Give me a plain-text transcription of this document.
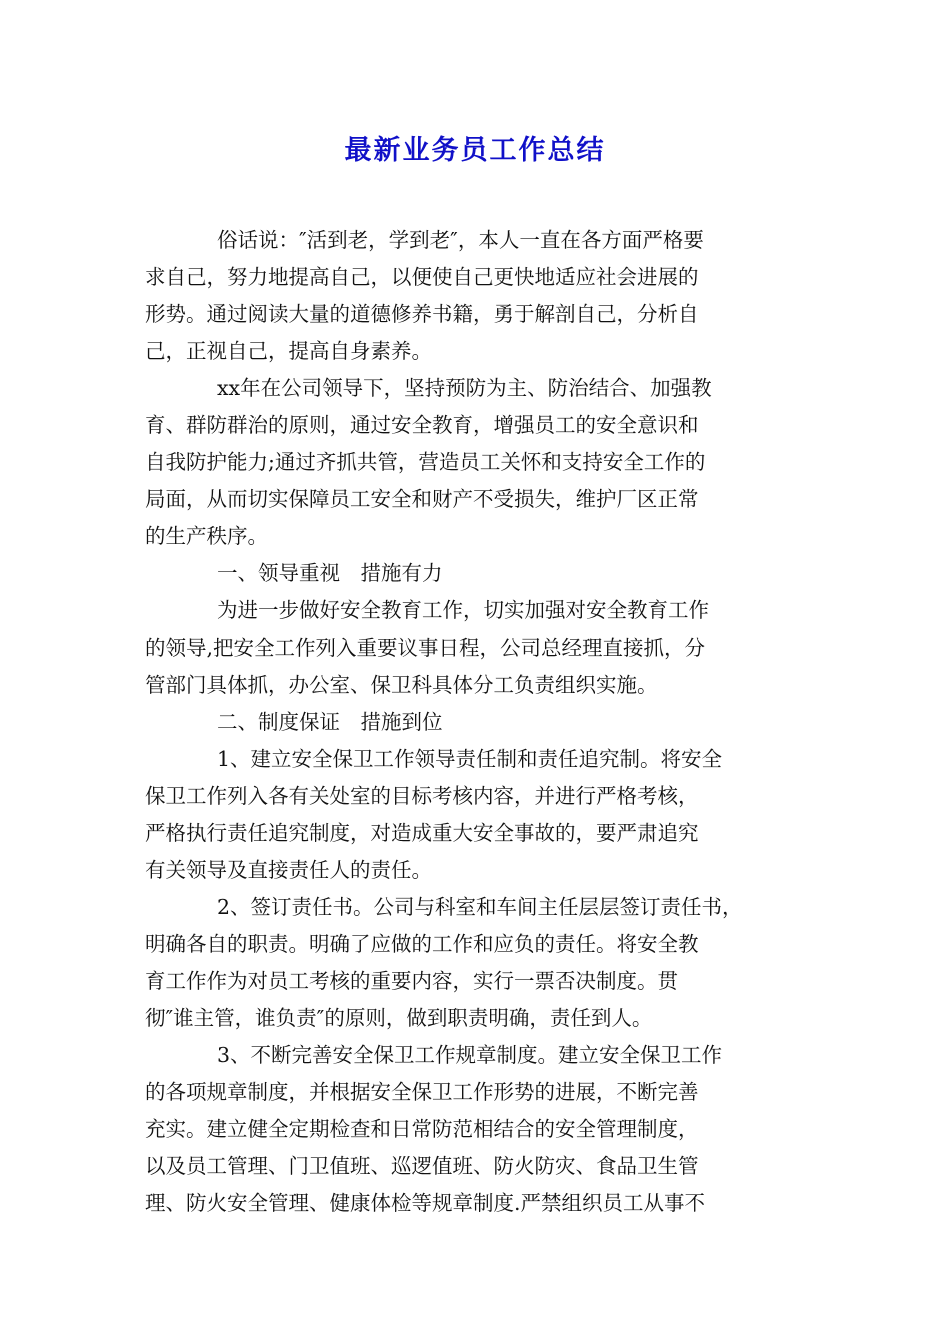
最新业务员工作总结
俗话说：″活到老，学到老″，本人一直在各方面严格要
求自己，努力地提高自己，以便使自己更快地适应社会进展的
形势。通过阅读大量的道德修养书籍，勇于解剖自己，分析自
己，正视自己，提高自身素养。
xx年在公司领导下，坚持预防为主、防治结合、加强教
育、群防群治的原则，通过安全教育，增强员工的安全意识和
自我防护能力;通过齐抓共管，营造员工关怀和支持安全工作的
局面，从而切实保障员工安全和财产不受损失，维护厂区正常
的生产秩序。
一、领导重视　措施有力
为进一步做好安全教育工作，切实加强对安全教育工作
的领导,把安全工作列入重要议事日程，公司总经理直接抓，分
管部门具体抓，办公室、保卫科具体分工负责组织实施。
二、制度保证　措施到位
1、建立安全保卫工作领导责任制和责任追究制。将安全
保卫工作列入各有关处室的目标考核内容，并进行严格考核，
严格执行责任追究制度，对造成重大安全事故的，要严肃追究
有关领导及直接责任人的责任。
2、签订责任书。公司与科室和车间主任层层签订责任书，
明确各自的职责。明确了应做的工作和应负的责任。将安全教
育工作作为对员工考核的重要内容，实行一票否决制度。贯
彻″谁主管，谁负责″的原则，做到职责明确，责任到人。
3、不断完善安全保卫工作规章制度。建立安全保卫工作
的各项规章制度，并根据安全保卫工作形势的进展，不断完善
充实。建立健全定期检查和日常防范相结合的安全管理制度，
以及员工管理、门卫值班、巡逻值班、防火防灾、食品卫生管
理、防火安全管理、健康体检等规章制度.严禁组织员工从事不
